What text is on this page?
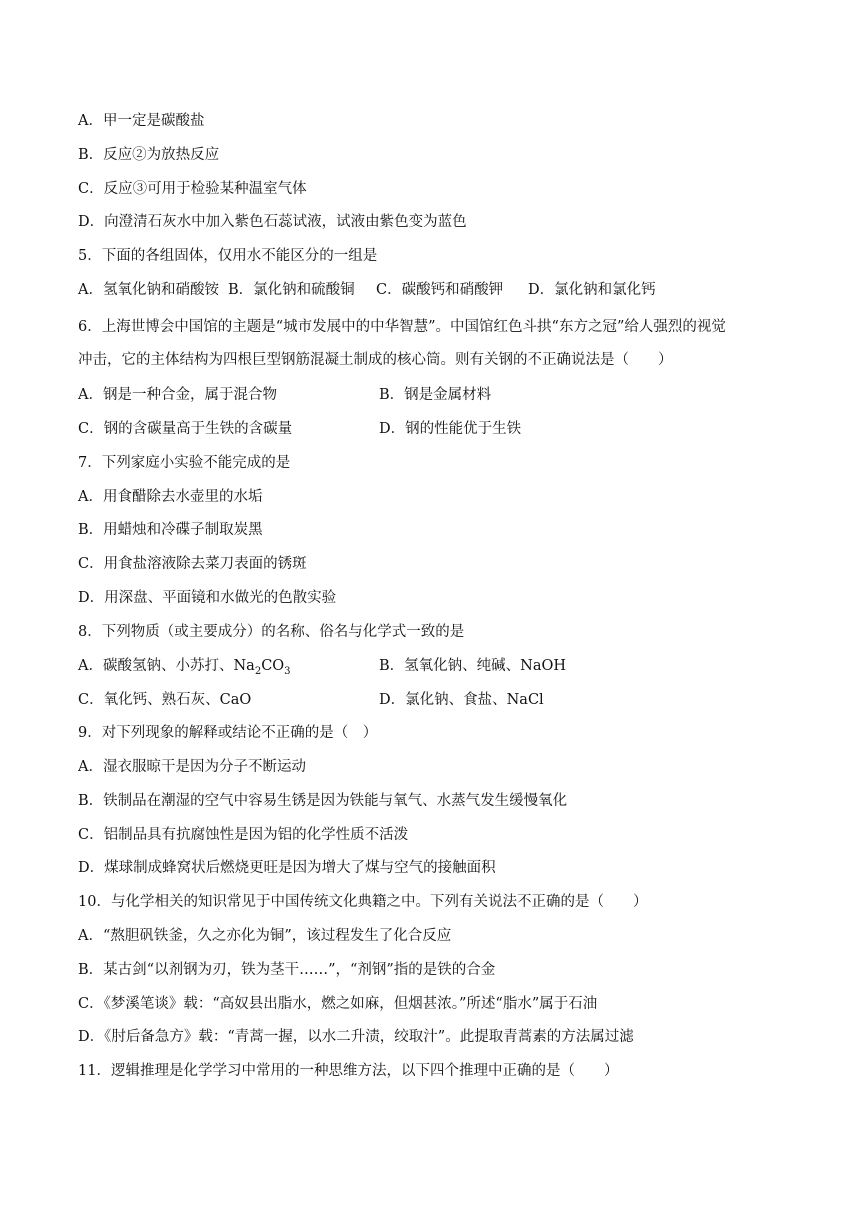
A．甲一定是碳酸盐
B．反应②为放热反应
C．反应③可用于检验某种温室气体
D．向澄清石灰水中加入紫色石蕊试液，试液由紫色变为蓝色
5．下面的各组固体，仅用水不能区分的一组是
A．氢氧化钠和硝酸铵 B．氯化钠和硫酸铜 C．碳酸钙和硝酸钾 D．氯化钠和氯化钙
6．上海世博会中国馆的主题是“城市发展中的中华智慧”。中国馆红色斗拱“东方之冠”给人强烈的视觉
冲击，它的主体结构为四根巨型钢筋混凝土制成的核心筒。则有关钢的不正确说法是（　　）
A．钢是一种合金，属于混合物	B．钢是金属材料
C．钢的含碳量高于生铁的含碳量	D．钢的性能优于生铁
7．下列家庭小实验不能完成的是
A．用食醋除去水壶里的水垢
B．用蜡烛和冷碟子制取炭黑
C．用食盐溶液除去菜刀表面的锈斑
D．用深盘、平面镜和水做光的色散实验
8．下列物质（或主要成分）的名称、俗名与化学式一致的是
A．碳酸氢钠、小苏打、$Na_2CO_3$	B．氢氧化钠、纯碱、NaOH
C．氧化钙、熟石灰、CaO	D．氯化钠、食盐、NaCl
9．对下列现象的解释或结论不正确的是（　）
A．湿衣服晾干是因为分子不断运动
B．铁制品在潮湿的空气中容易生锈是因为铁能与氧气、水蒸气发生缓慢氧化
C．铝制品具有抗腐蚀性是因为铝的化学性质不活泼
D．煤球制成蜂窝状后燃烧更旺是因为增大了煤与空气的接触面积
10．与化学相关的知识常见于中国传统文化典籍之中。下列有关说法不正确的是（　　）
A．“熬胆矾铁釜，久之亦化为铜”，该过程发生了化合反应
B．某古剑“以剂钢为刃，铁为茎干……”，“剂钢”指的是铁的合金
C．《梦溪笔谈》载：“高奴县出脂水，燃之如麻，但烟甚浓。”所述“脂水”属于石油
D．《肘后备急方》载：“青蒿一握，以水二升渍，绞取汁”。此提取青蒿素的方法属过滤
11．逻辑推理是化学学习中常用的一种思维方法，以下四个推理中正确的是（　　）
